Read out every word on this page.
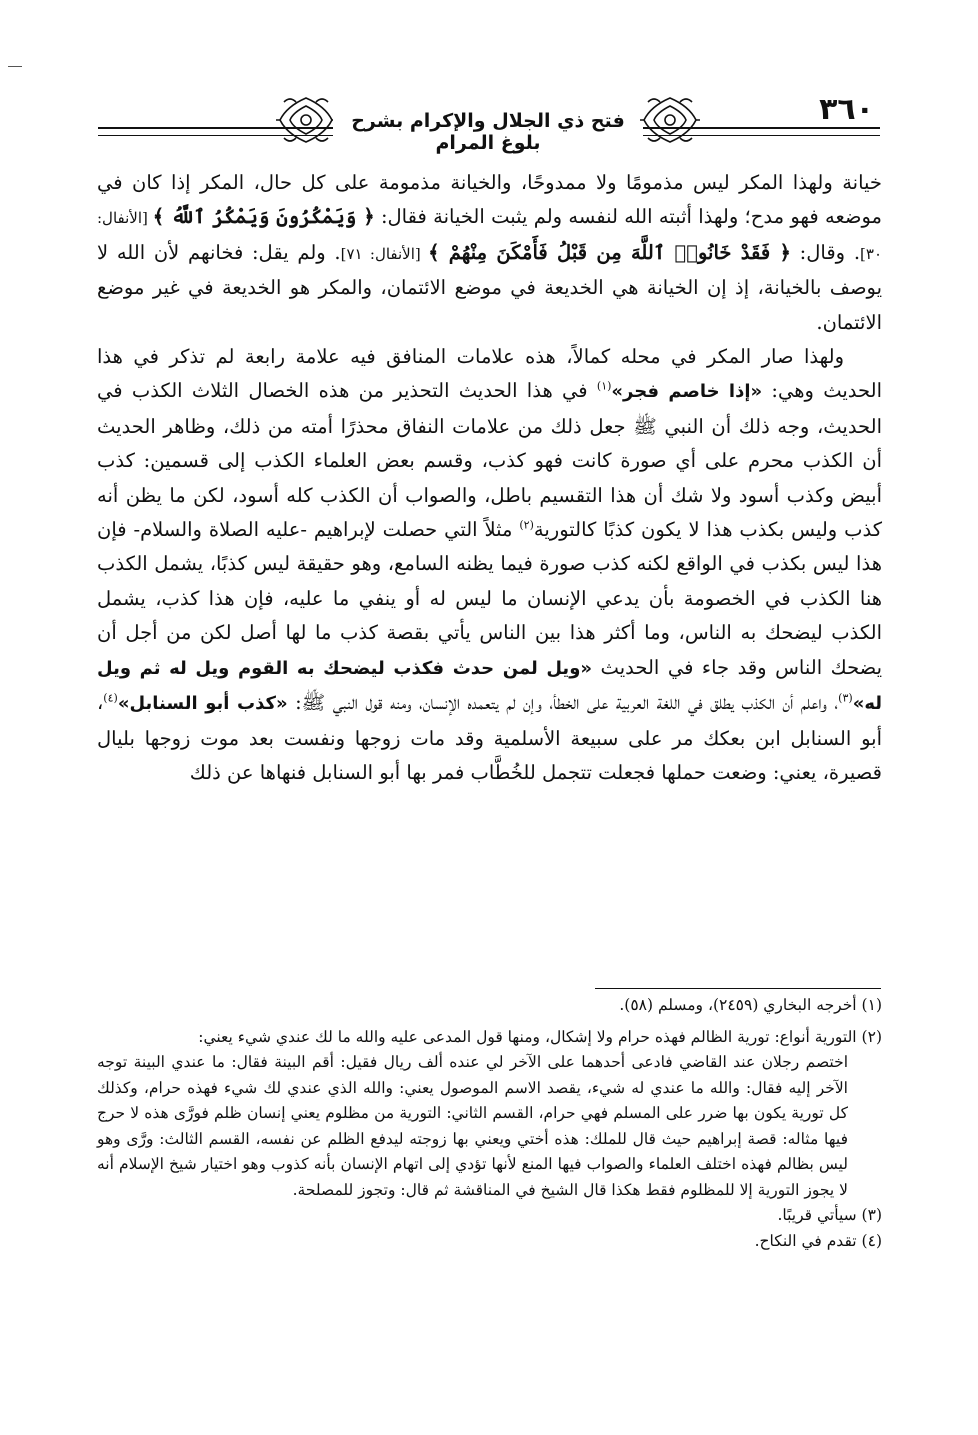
فتح ذي الجلال والإكرام بشرح بلوغ المرام
٣٦٠

خيانة ولهذا المكر ليس مذمومًا ولا ممدوحًا، والخيانة مذمومة على كل حال، المكر إذا كان في موضعه فهو مدح؛ ولهذا أثبته الله لنفسه ولم يثبت الخيانة فقال: ﴿ وَيَمْكُرُونَ وَيَمْكُرُ ٱللَّهُ ﴾ [الأنفال: ٣٠]. وقال: ﴿ فَقَدْ خَانُوا۟ ٱللَّهَ مِن قَبْلُ فَأَمْكَنَ مِنْهُمْ ﴾ [الأنفال: ٧١]. ولم يقل: فخانهم لأن الله لا يوصف بالخيانة، إذ إن الخيانة هي الخديعة في موضع الائتمان، والمكر هو الخديعة في غير موضع الائتمان.

ولهذا صار المكر في محله كمالاً، هذه علامات المنافق فيه علامة رابعة لم تذكر في هذا الحديث وهي: «إذا خاصم فجر»$^{(١)}$ في هذا الحديث التحذير من هذه الخصال الثلاث الكذب في الحديث، وجه ذلك أن النبي ﷺ جعل ذلك من علامات النفاق محذرًا أمته من ذلك، وظاهر الحديث أن الكذب محرم على أي صورة كانت فهو كذب، وقسم بعض العلماء الكذب إلى قسمين: كذب أبيض وكذب أسود ولا شك أن هذا التقسيم باطل، والصواب أن الكذب كله أسود، لكن ما يظن أنه كذب وليس بكذب هذا لا يكون كذبًا كالتورية$^{(٢)}$ مثلاً التي حصلت لإبراهيم -عليه الصلاة والسلام- فإن هذا ليس بكذب في الواقع لكنه كذب صورة فيما يظنه السامع، وهو حقيقة ليس كذبًا، يشمل الكذب هنا الكذب في الخصومة بأن يدعي الإنسان ما ليس له أو ينفي ما عليه، فإن هذا كذب، يشمل الكذب ليضحك به الناس، وما أكثر هذا بين الناس يأتي بقصة كذب ما لها أصل لكن من أجل أن يضحك الناس وقد جاء في الحديث «ويل لمن حدث فكذب ليضحك به القوم ويل له ثم ويل له»$^{(٣)}$، واعلم أن الكذب يطلق في اللغة العربية على الخطأ، وإن لم يتعمده الإنسان، ومنه قول النبي ﷺ: «كذب أبو السنابل»$^{(٤)}$، أبو السنابل ابن بعكك مر على سبيعة الأسلمية وقد مات زوجها ونفست بعد موت زوجها بليال قصيرة، يعني: وضعت حملها فجعلت تتجمل للخُطَّاب فمر بها أبو السنابل فنهاها عن ذلك

(١) أخرجه البخاري (٢٤٥٩)، ومسلم (٥٨).

(٢) التورية أنواع: تورية الظالم فهذه حرام ولا إشكال، ومنها قول المدعى عليه والله ما لك عندي شيء يعني:

اختصم رجلان عند القاضي فادعى أحدهما على الآخر لي عنده ألف ريال فقيل: أقم البينة فقال: ما عندي البينة توجه الآخر إليه فقال: والله ما عندي له شيء، يقصد الاسم الموصول يعني: والله الذي عندي لك شيء فهذه حرام، وكذلك كل تورية يكون بها ضرر على المسلم فهي حرام، القسم الثاني: التورية من مظلوم يعني إنسان ظلم فورَّى هذه لا حرج فيها مثاله: قصة إبراهيم حيث قال للملك: هذه أختي ويعني بها زوجته ليدفع الظلم عن نفسه، القسم الثالث: ورَّى وهو ليس بظالم فهذه اختلف العلماء والصواب فيها المنع لأنها تؤدي إلى اتهام الإنسان بأنه كذوب وهو اختيار شيخ الإسلام أنه لا يجوز التورية إلا للمظلوم فقط هكذا قال الشيخ في المناقشة ثم قال: وتجوز للمصلحة.

(٣) سيأتي قريبًا.

(٤) تقدم في النكاح.
